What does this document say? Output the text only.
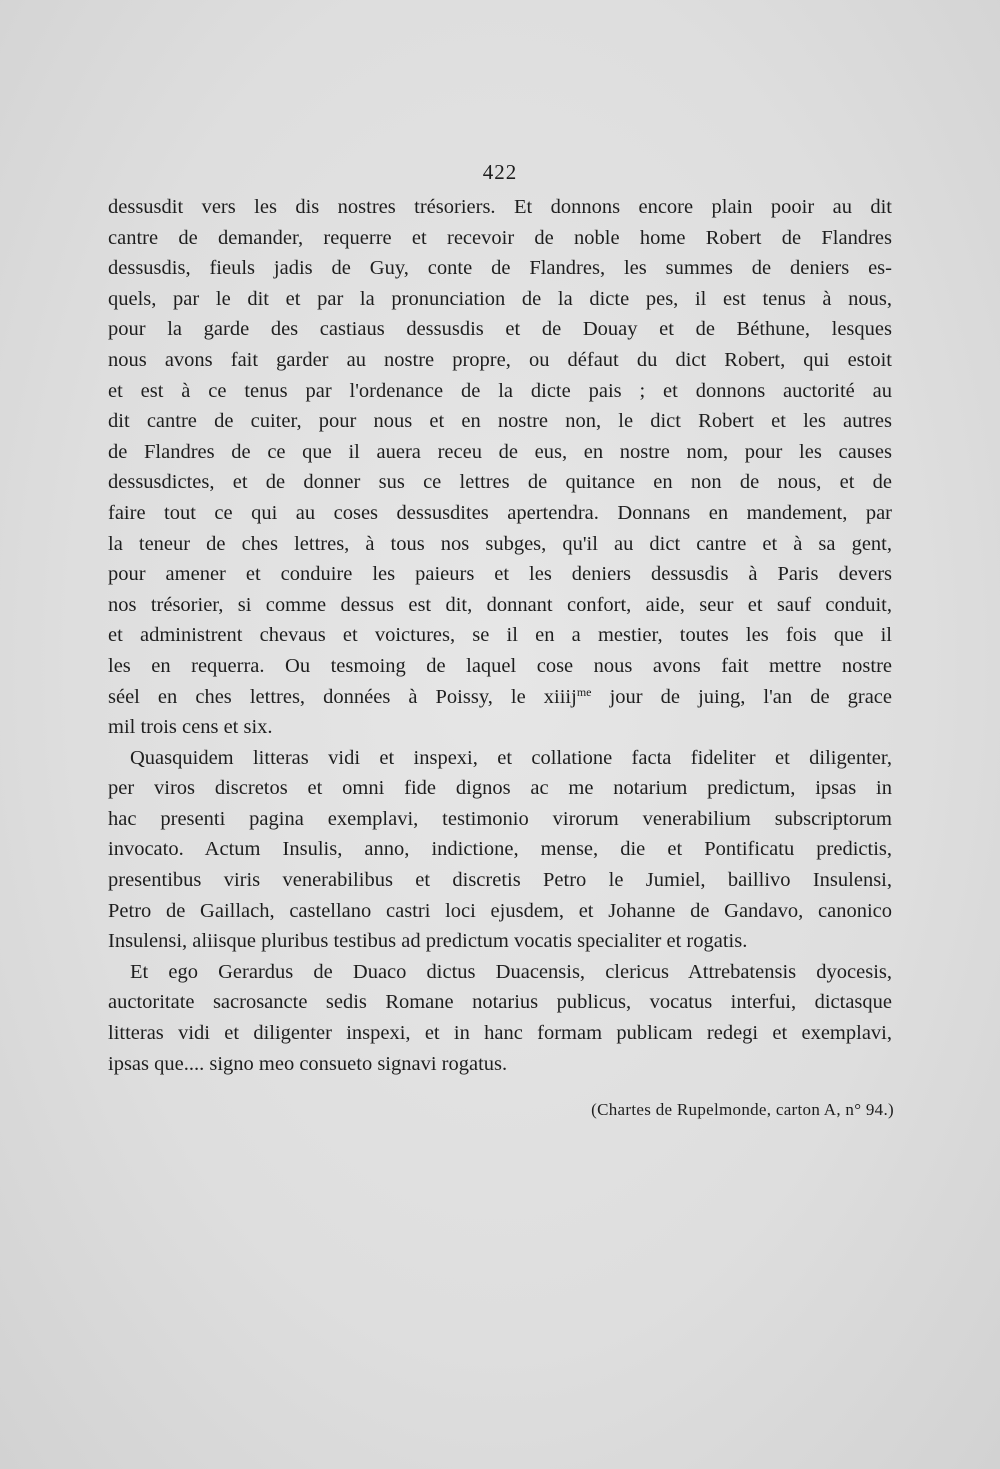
422
dessusdit vers les dis nostres trésoriers. Et donnons encore plain pooir au dit
cantre de demander, requerre et recevoir de noble home Robert de Flandres
dessusdis, fieuls jadis de Guy, conte de Flandres, les summes de deniers es-
quels, par le dit et par la pronunciation de la dicte pes, il est tenus à nous,
pour la garde des castiaus dessusdis et de Douay et de Béthune, lesques
nous avons fait garder au nostre propre, ou défaut du dict Robert, qui estoit
et est à ce tenus par l'ordenance de la dicte pais ; et donnons auctorité au
dit cantre de cuiter, pour nous et en nostre non, le dict Robert et les autres
de Flandres de ce que il auera receu de eus, en nostre nom, pour les causes
dessusdictes, et de donner sus ce lettres de quitance en non de nous, et de
faire tout ce qui au coses dessusdites apertendra. Donnans en mandement, par
la teneur de ches lettres, à tous nos subges, qu'il au dict cantre et à sa gent,
pour amener et conduire les paieurs et les deniers dessusdis à Paris devers
nos trésorier, si comme dessus est dit, donnant confort, aide, seur et sauf conduit,
et administrent chevaus et voictures, se il en a mestier, toutes les fois que il
les en requerra. Ou tesmoing de laquel cose nous avons fait mettre nostre
séel en ches lettres, données à Poissy, le xiiij$^{me}$ jour de juing, l'an de grace
mil trois cens et six.
Quasquidem litteras vidi et inspexi, et collatione facta fideliter et diligenter,
per viros discretos et omni fide dignos ac me notarium predictum, ipsas in
hac presenti pagina exemplavi, testimonio virorum venerabilium subscriptorum
invocato. Actum Insulis, anno, indictione, mense, die et Pontificatu predictis,
presentibus viris venerabilibus et discretis Petro le Jumiel, baillivo Insulensi,
Petro de Gaillach, castellano castri loci ejusdem, et Johanne de Gandavo, canonico
Insulensi, aliisque pluribus testibus ad predictum vocatis specialiter et rogatis.
Et ego Gerardus de Duaco dictus Duacensis, clericus Attrebatensis dyocesis,
auctoritate sacrosancte sedis Romane notarius publicus, vocatus interfui, dictasque
litteras vidi et diligenter inspexi, et in hanc formam publicam redegi et exemplavi,
ipsas que.... signo meo consueto signavi rogatus.
(Chartes de Rupelmonde, carton A, n° 94.)
